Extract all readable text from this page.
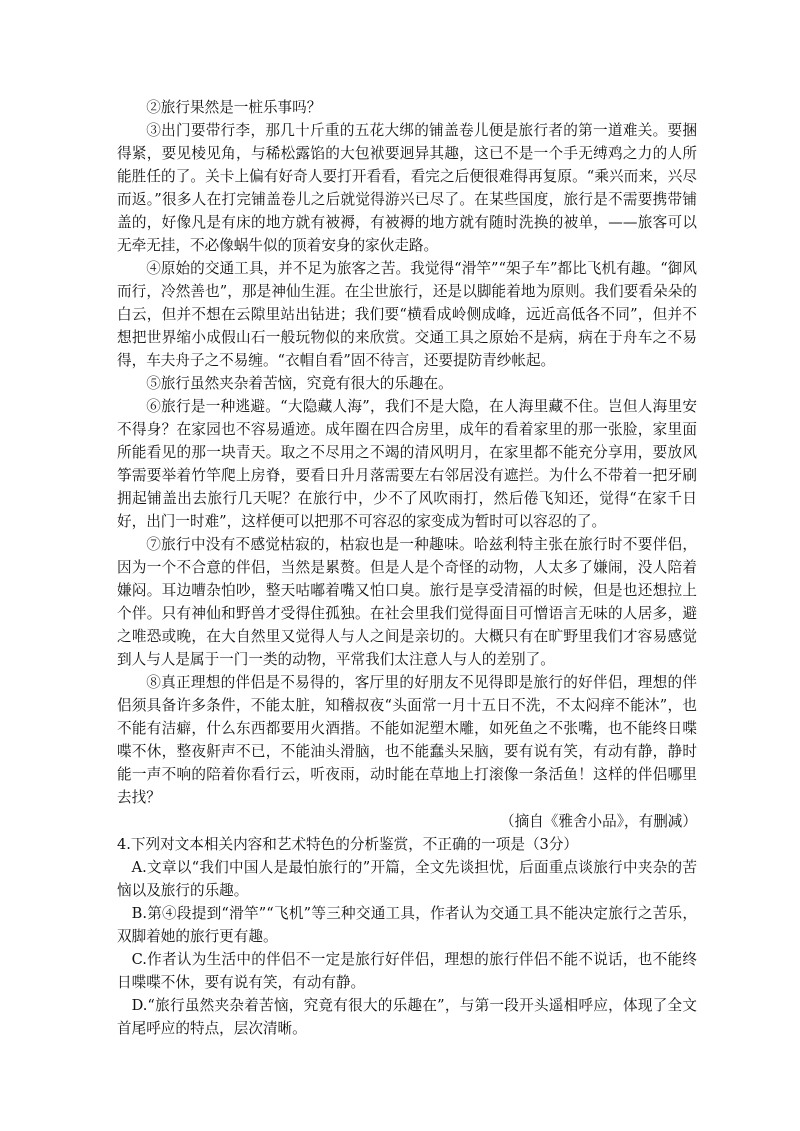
②旅行果然是一桩乐事吗？

③出门要带行李，那几十斤重的五花大绑的铺盖卷儿便是旅行者的第一道难关。要捆得紧，要见棱见角，与稀松露馅的大包袱要迥异其趣，这已不是一个手无缚鸡之力的人所能胜任的了。关卡上偏有好奇人要打开看看，看完之后便很难得再复原。“乘兴而来，兴尽而返。”很多人在打完铺盖卷儿之后就觉得游兴已尽了。在某些国度，旅行是不需要携带铺盖的，好像凡是有床的地方就有被褥，有被褥的地方就有随时洗换的被单，——旅客可以无牵无挂，不必像蜗牛似的顶着安身的家伙走路。

④原始的交通工具，并不足为旅客之苦。我觉得“滑竿”“架子车”都比飞机有趣。“御风而行，冷然善也”，那是神仙生涯。在尘世旅行，还是以脚能着地为原则。我们要看朵朵的白云，但并不想在云隙里站出钻进；我们要“横看成岭侧成峰，远近高低各不同”，但并不想把世界缩小成假山石一般玩物似的来欣赏。交通工具之原始不是病，病在于舟车之不易得，车夫舟子之不易缠。“衣帽自看”固不待言，还要提防青纱帐起。

⑤旅行虽然夹杂着苦恼，究竟有很大的乐趣在。

⑥旅行是一种逃避。“大隐藏人海”，我们不是大隐，在人海里藏不住。岂但人海里安不得身？在家园也不容易遁迹。成年圈在四合房里，成年的看着家里的那一张脸，家里面所能看见的那一块青天。取之不尽用之不竭的清风明月，在家里都不能充分享用，要放风筝需要举着竹竿爬上房脊，要看日升月落需要左右邻居没有遮拦。为什么不带着一把牙刷拥起铺盖出去旅行几天呢？在旅行中，少不了风吹雨打，然后倦飞知还，觉得“在家千日好，出门一时难”，这样便可以把那不可容忍的家变成为暂时可以容忍的了。

⑦旅行中没有不感觉枯寂的，枯寂也是一种趣味。哈兹利特主张在旅行时不要伴侣，因为一个不合意的伴侣，当然是累赘。但是人是个奇怪的动物，人太多了嫌闹，没人陪着嫌闷。耳边嘈杂怕吵，整天咕嘟着嘴又怕口臭。旅行是享受清福的时候，但是也还想拉上个伴。只有神仙和野兽才受得住孤独。在社会里我们觉得面目可憎语言无味的人居多，避之唯恐或晚，在大自然里又觉得人与人之间是亲切的。大概只有在旷野里我们才容易感觉到人与人是属于一门一类的动物，平常我们太注意人与人的差别了。

⑧真正理想的伴侣是不易得的，客厅里的好朋友不见得即是旅行的好伴侣，理想的伴侣须具备许多条件，不能太脏，知稽叔夜“头面常一月十五日不洗，不太闷痒不能沐”，也不能有洁癖，什么东西都要用火酒揩。不能如泥塑木雕，如死鱼之不张嘴，也不能终日喋喋不休，整夜鼾声不已，不能油头滑脑，也不能蠢头呆脑，要有说有笑，有动有静，静时能一声不响的陪着你看行云，听夜雨，动时能在草地上打滚像一条活鱼！这样的伴侣哪里去找？

（摘自《雅舍小品》，有删减）

4.下列对文本相关内容和艺术特色的分析鉴赏，不正确的一项是（3分）

A.文章以“我们中国人是最怕旅行的”开篇，全文先谈担忧，后面重点谈旅行中夹杂的苦恼以及旅行的乐趣。

B.第④段提到“滑竿”“飞机”等三种交通工具，作者认为交通工具不能决定旅行之苦乐，双脚着她的旅行更有趣。

C.作者认为生活中的伴侣不一定是旅行好伴侣，理想的旅行伴侣不能不说话，也不能终日喋喋不休，要有说有笑，有动有静。

D.“旅行虽然夹杂着苦恼，究竟有很大的乐趣在”，与第一段开头遥相呼应，体现了全文首尾呼应的特点，层次清晰。
